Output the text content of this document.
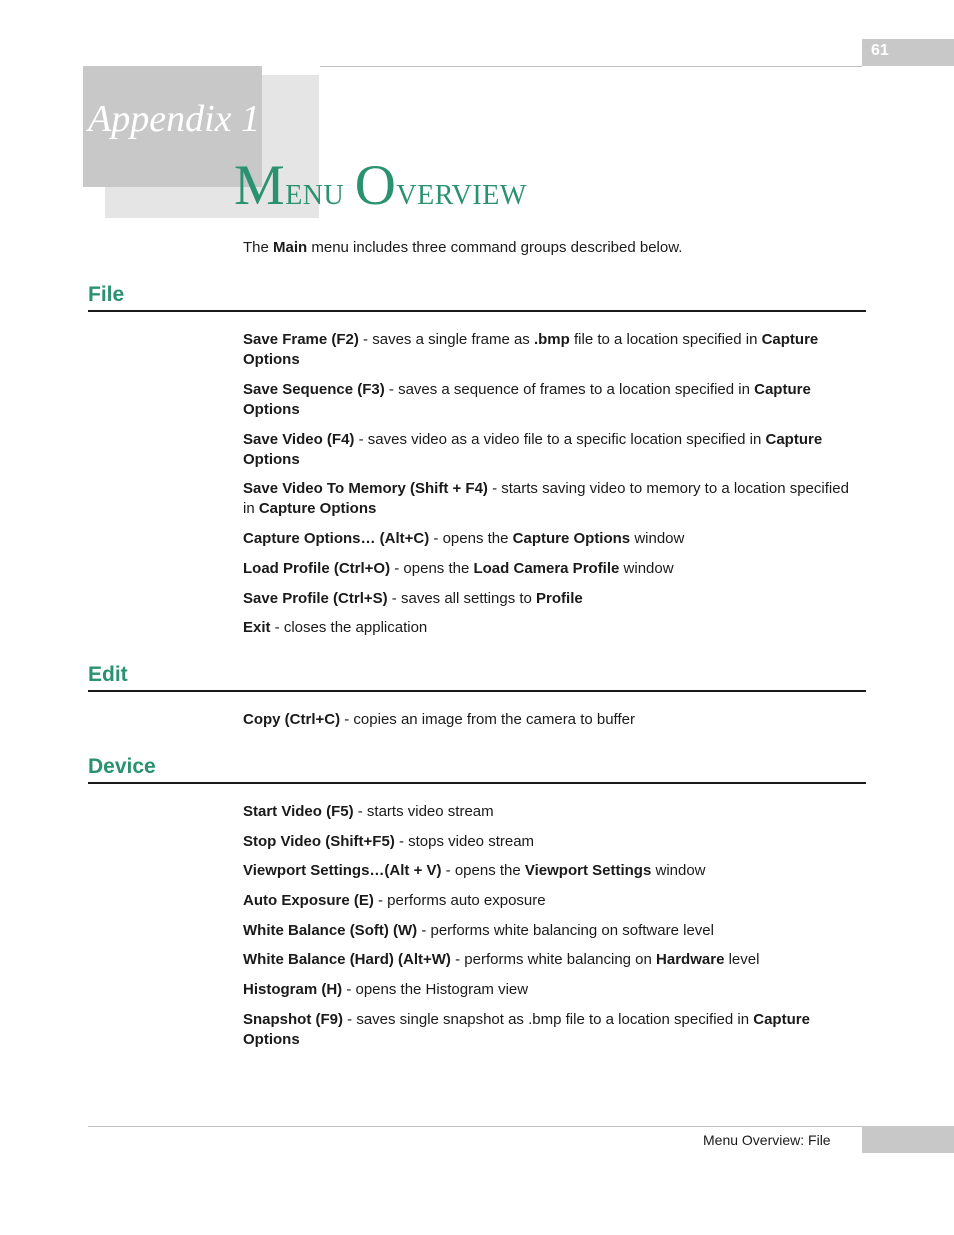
61
Appendix 1
Menu Overview
The Main menu includes three command groups described below.
File
Save Frame (F2) - saves a single frame as .bmp file to a location specified in Capture Options
Save Sequence (F3) - saves a sequence of frames to a location specified in Capture Options
Save Video (F4) - saves video as a video file to a specific location specified in Capture Options
Save Video To Memory (Shift + F4) - starts saving video to memory to a location specified in Capture Options
Capture Options… (Alt+C) - opens the Capture Options window
Load Profile (Ctrl+O) - opens the Load Camera Profile window
Save Profile (Ctrl+S) - saves all settings to Profile
Exit - closes the application
Edit
Copy (Ctrl+C) - copies an image from the camera to buffer
Device
Start Video (F5) - starts video stream
Stop Video (Shift+F5) - stops video stream
Viewport Settings…(Alt + V) - opens the Viewport Settings window
Auto Exposure (E) - performs auto exposure
White Balance (Soft) (W) - performs white balancing on software level
White Balance (Hard) (Alt+W) - performs white balancing on Hardware level
Histogram (H) - opens the Histogram view
Snapshot (F9) - saves single snapshot as .bmp file to a location specified in Capture Options
Menu Overview: File
